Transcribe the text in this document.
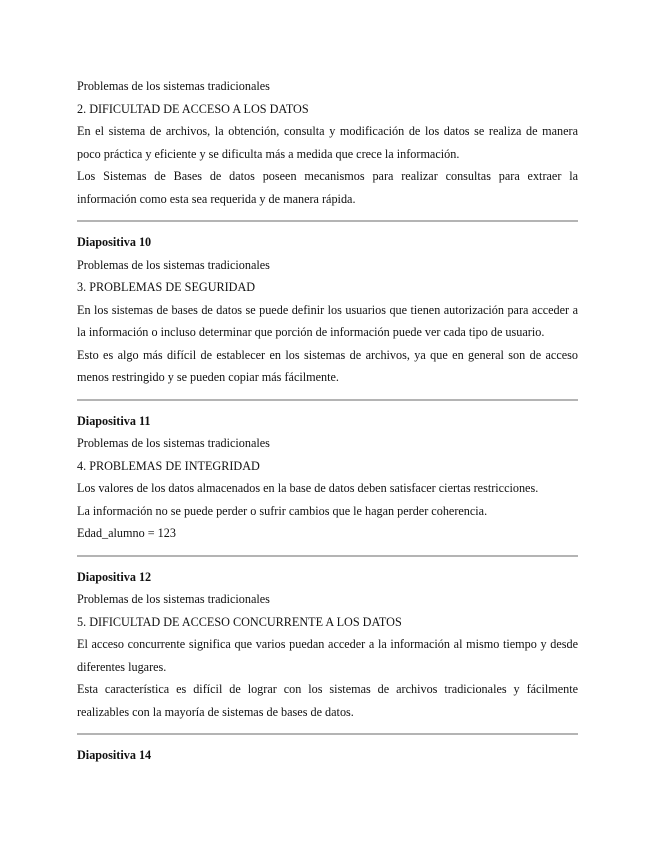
Problemas de los sistemas tradicionales
2. DIFICULTAD DE ACCESO A LOS DATOS
En el sistema de archivos, la obtención, consulta y modificación de los datos se realiza de manera poco práctica y eficiente y se dificulta más a medida que crece la información.
Los Sistemas de Bases de datos poseen mecanismos para realizar consultas para extraer la información como esta sea requerida y de manera rápida.
Diapositiva 10
Problemas de los sistemas tradicionales
3. PROBLEMAS DE SEGURIDAD
En los sistemas de bases de datos se puede definir los usuarios que tienen autorización para acceder a la información o incluso determinar que porción de información puede ver cada tipo de usuario.
Esto es algo más difícil de establecer en los sistemas de archivos, ya que en general son de acceso menos restringido y se pueden copiar más fácilmente.
Diapositiva 11
Problemas de los sistemas tradicionales
4. PROBLEMAS DE INTEGRIDAD
Los valores de los datos almacenados en la base de datos deben satisfacer ciertas restricciones.
La información no se puede perder o sufrir cambios que le hagan perder coherencia.
Edad_alumno = 123
Diapositiva 12
Problemas de los sistemas tradicionales
5. DIFICULTAD DE ACCESO CONCURRENTE A LOS DATOS
El acceso concurrente significa que varios puedan acceder a la información al mismo tiempo y desde diferentes lugares.
Esta característica es difícil de lograr con los sistemas de archivos tradicionales y fácilmente realizables con la mayoría de sistemas de bases de datos.
Diapositiva 14
